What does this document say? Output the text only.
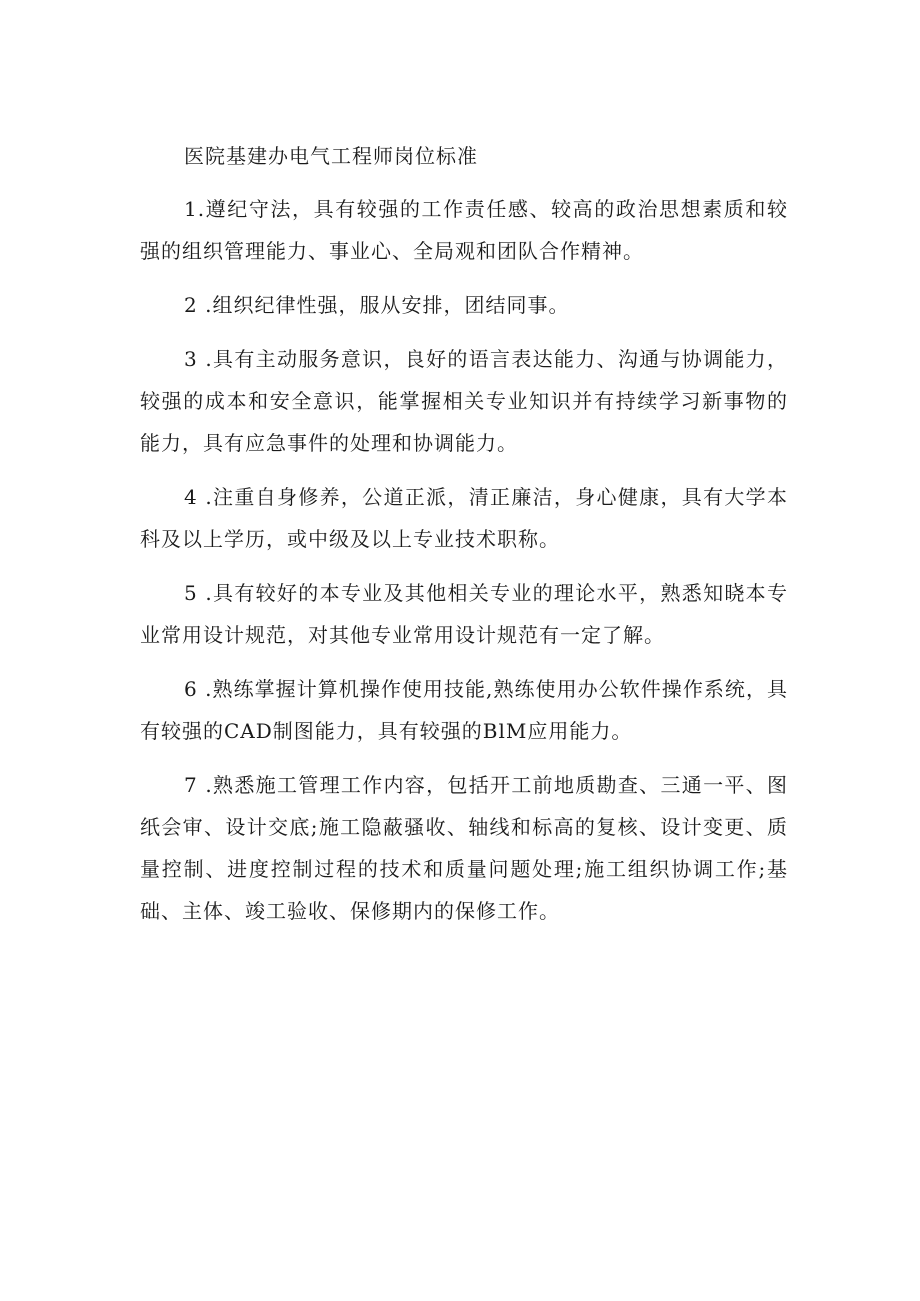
医院基建办电气工程师岗位标准

1.遵纪守法，具有较强的工作责任感、较高的政治思想素质和较强的组织管理能力、事业心、全局观和团队合作精神。

2 .组织纪律性强，服从安排，团结同事。

3 .具有主动服务意识，良好的语言表达能力、沟通与协调能力，较强的成本和安全意识，能掌握相关专业知识并有持续学习新事物的能力，具有应急事件的处理和协调能力。

4 .注重自身修养，公道正派，清正廉洁，身心健康，具有大学本科及以上学历，或中级及以上专业技术职称。

5 .具有较好的本专业及其他相关专业的理论水平，熟悉知晓本专业常用设计规范，对其他专业常用设计规范有一定了解。

6 .熟练掌握计算机操作使用技能,熟练使用办公软件操作系统，具有较强的CAD制图能力，具有较强的BlM应用能力。

7 .熟悉施工管理工作内容，包括开工前地质勘查、三通一平、图纸会审、设计交底;施工隐蔽骚收、轴线和标高的复核、设计变更、质量控制、进度控制过程的技术和质量问题处理;施工组织协调工作;基础、主体、竣工验收、保修期内的保修工作。
